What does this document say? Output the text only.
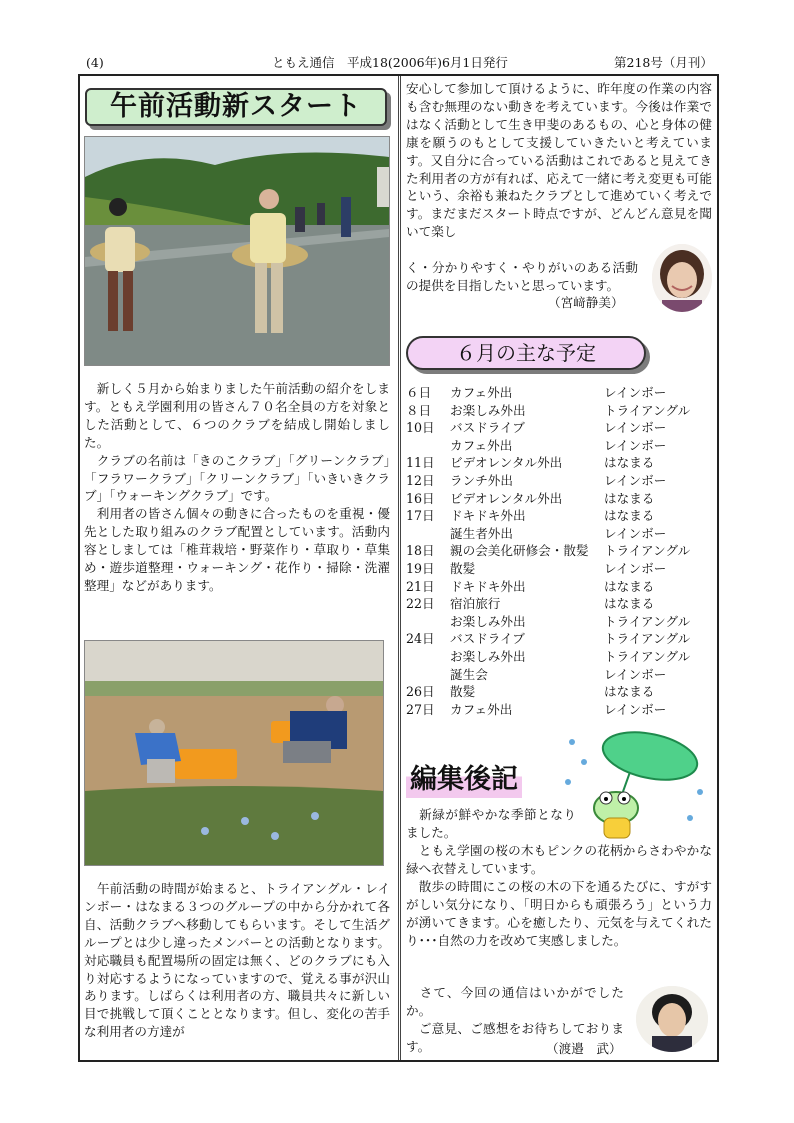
(4)	ともえ通信　平成18(2006年)6月1日発行	第218号（月刊）
午前活動新スタート

　新しく５月から始まりました午前活動の紹介をします。ともえ学園利用の皆さん７０名全員の方を対象とした活動として、６つのクラブを結成し開始しました。

　クラブの名前は「きのこクラブ」「グリーンクラブ」「フラワークラブ」「クリーンクラブ」「いきいきクラブ」「ウォーキングクラブ」です。

　利用者の皆さん個々の動きに合ったものを重視・優先とした取り組みのクラブ配置としています。活動内容としましては「椎茸栽培・野菜作り・草取り・草集め・遊歩道整理・ウォーキング・花作り・掃除・洗濯整理」などがあります。

　午前活動の時間が始まると、トライアングル・レインボー・はなまる３つのグループの中から分かれて各自、活動クラブへ移動してもらいます。そして生活グループとは少し違ったメンバーとの活動となります。対応職員も配置場所の固定は無く、どのクラブにも入り対応するようになっていますので、覚える事が沢山あります。しばらくは利用者の方、職員共々に新しい目で挑戦して頂くこととなります。但し、変化の苦手な利用者の方達が

安心して参加して頂けるように、昨年度の作業の内容も含む無理のない動きを考えています。今後は作業ではなく活動として生き甲斐のあるもの、心と身体の健康を願うのもとして支援していきたいと考えています。又自分に合っている活動はこれであると見えてきた利用者の方が有れば、応えて一緒に考え変更も可能という、余裕も兼ねたクラブとして進めていく考えです。まだまだスタート時点ですが、どんどん意見を聞いて楽し

く・分かりやすく・やりがいのある活動の提供を目指したいと思っています。

（宮﨑静美）
６月の主な予定
６日	カフェ外出	レインボー
８日	お楽しみ外出	トライアングル
10日	バスドライブ	レインボー
カフェ外出	レインボー
11日	ビデオレンタル外出	はなまる
12日	ランチ外出	レインボー
16日	ビデオレンタル外出	はなまる
17日	ドキドキ外出	はなまる
誕生者外出	レインボー
18日	親の会美化研修会・散髪 トライアングル
19日	散髪	レインボー
21日	ドキドキ外出	はなまる
22日	宿泊旅行	はなまる
お楽しみ外出	トライアングル
24日	バスドライブ	トライアングル
お楽しみ外出	トライアングル
誕生会	レインボー
26日	散髪	はなまる
27日	カフェ外出	レインボー
編集後記

　新緑が鮮やかな季節となりました。

　ともえ学園の桜の木もピンクの花柄からさわやかな緑へ衣替えしています。

　散歩の時間にこの桜の木の下を通るたびに、すがすがしい気分になり、「明日からも頑張ろう」という力が湧いてきます。心を癒したり、元気を与えてくれたり･･･自然の力を改めて実感しました。

　さて、今回の通信はいかがでしたか。

　ご意見、ご感想をお待ちしております。	（渡邉　武）
